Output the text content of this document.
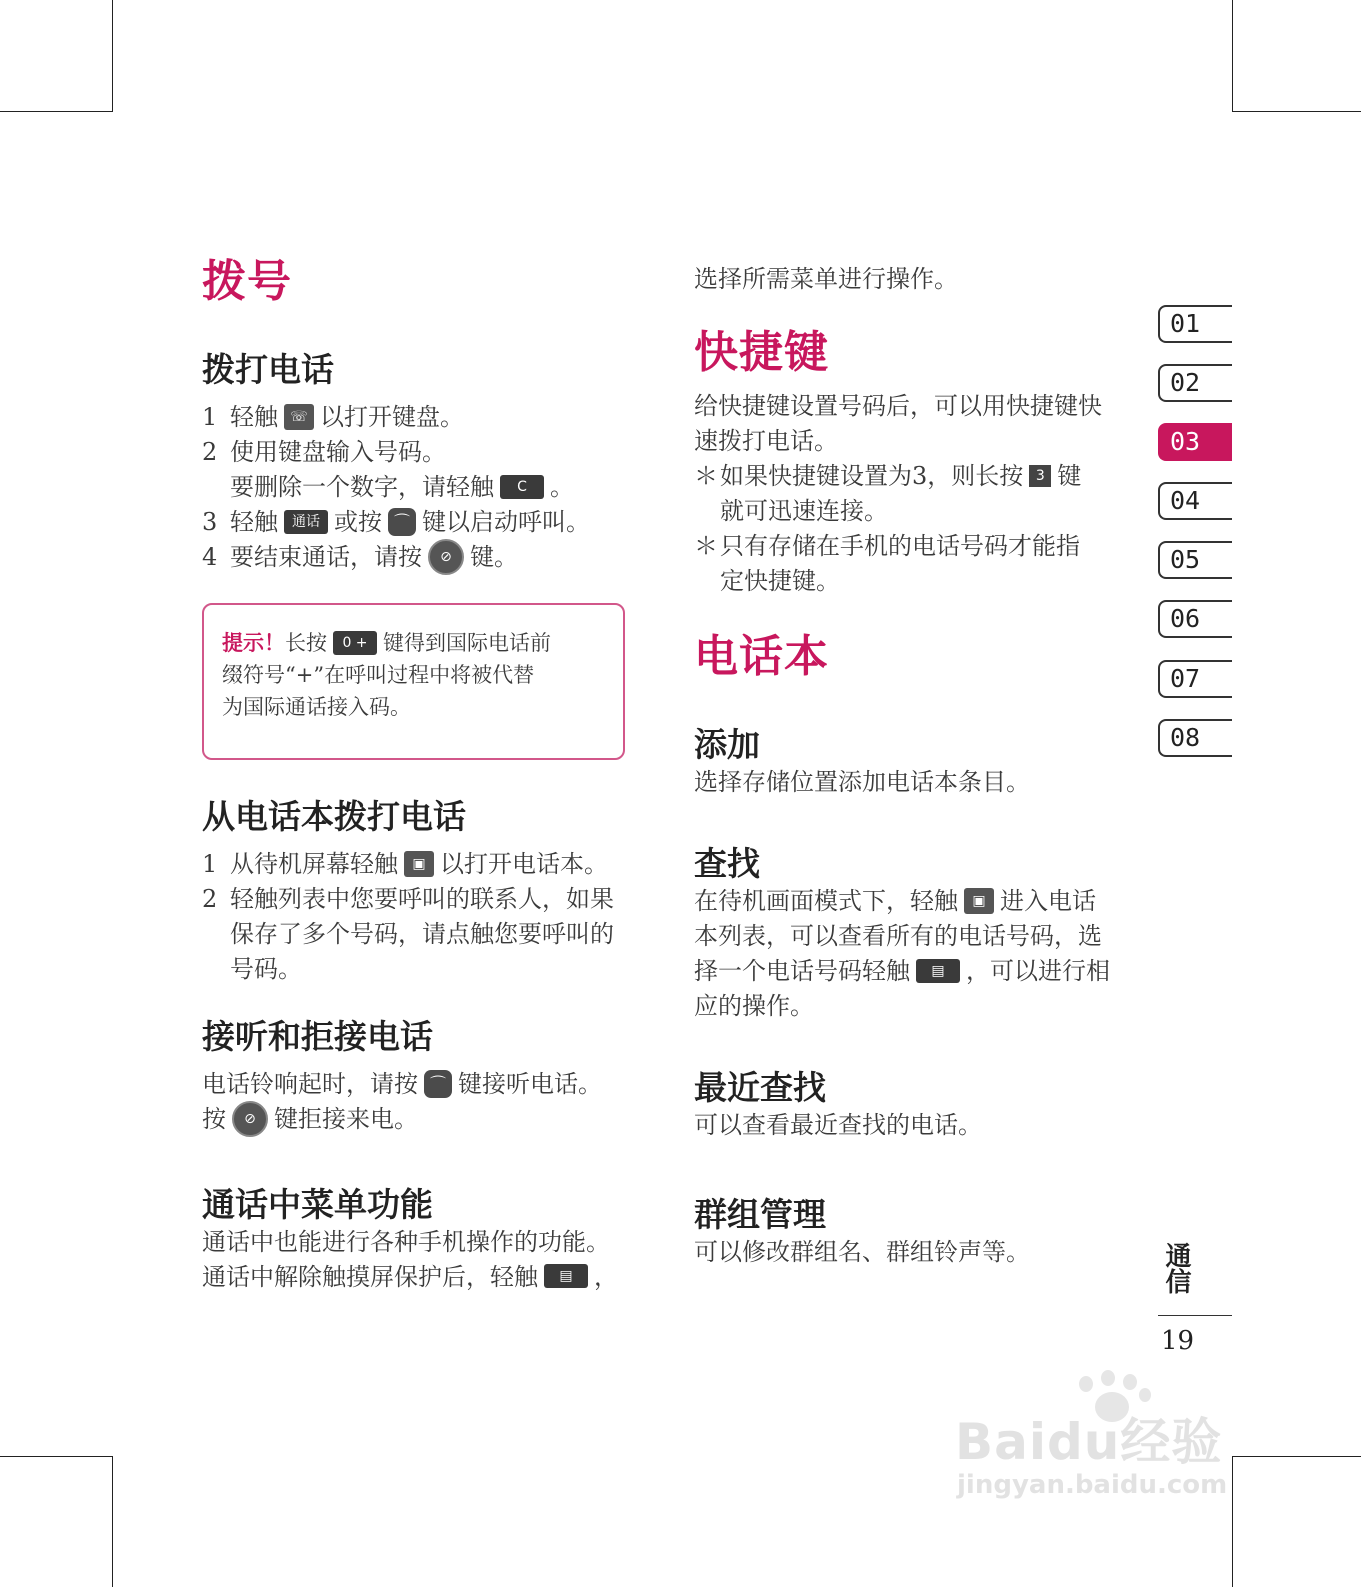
拨号
拨打电话
1 轻触 ☏ 以打开键盘。
2 使用键盘输入号码。
要删除一个数字，请轻触 C 。
3 轻触 通话 或按 ⌒ 键以启动呼叫。
4 要结束通话，请按 ⊘ 键。

提示！长按 0 + 键得到国际电话前

缀符号“+”在呼叫过程中将被代替

为国际通话接入码。

从电话本拨打电话
1 从待机屏幕轻触 ▣ 以打开电话本。
2 轻触列表中您要呼叫的联系人，如果
保存了多个号码，请点触您要呼叫的
号码。
接听和拒接电话

电话铃响起时，请按 ⌒ 键接听电话。

按 ⊘ 键拒接来电。

通话中菜单功能

通话中也能进行各种手机操作的功能。

通话中解除触摸屏保护后，轻触 ▤ ，

选择所需菜单进行操作。

快捷键

给快捷键设置号码后，可以用快捷键快

速拨打电话。

＊ 如果快捷键设置为3，则长按 3 键
就可迅速连接。
＊ 只有存储在手机的电话号码才能指
定快捷键。
电话本
添加

选择存储位置添加电话本条目。

查找

在待机画面模式下，轻触 ▣ 进入电话

本列表，可以查看所有的电话号码，选

择一个电话号码轻触 ▤ ，可以进行相

应的操作。

最近查找

可以查看最近查找的电话。

群组管理

可以修改群组名、群组铃声等。

01
02
03
04
05
06
07
08
通信
19
Baidu经验
jingyan.baidu.com
